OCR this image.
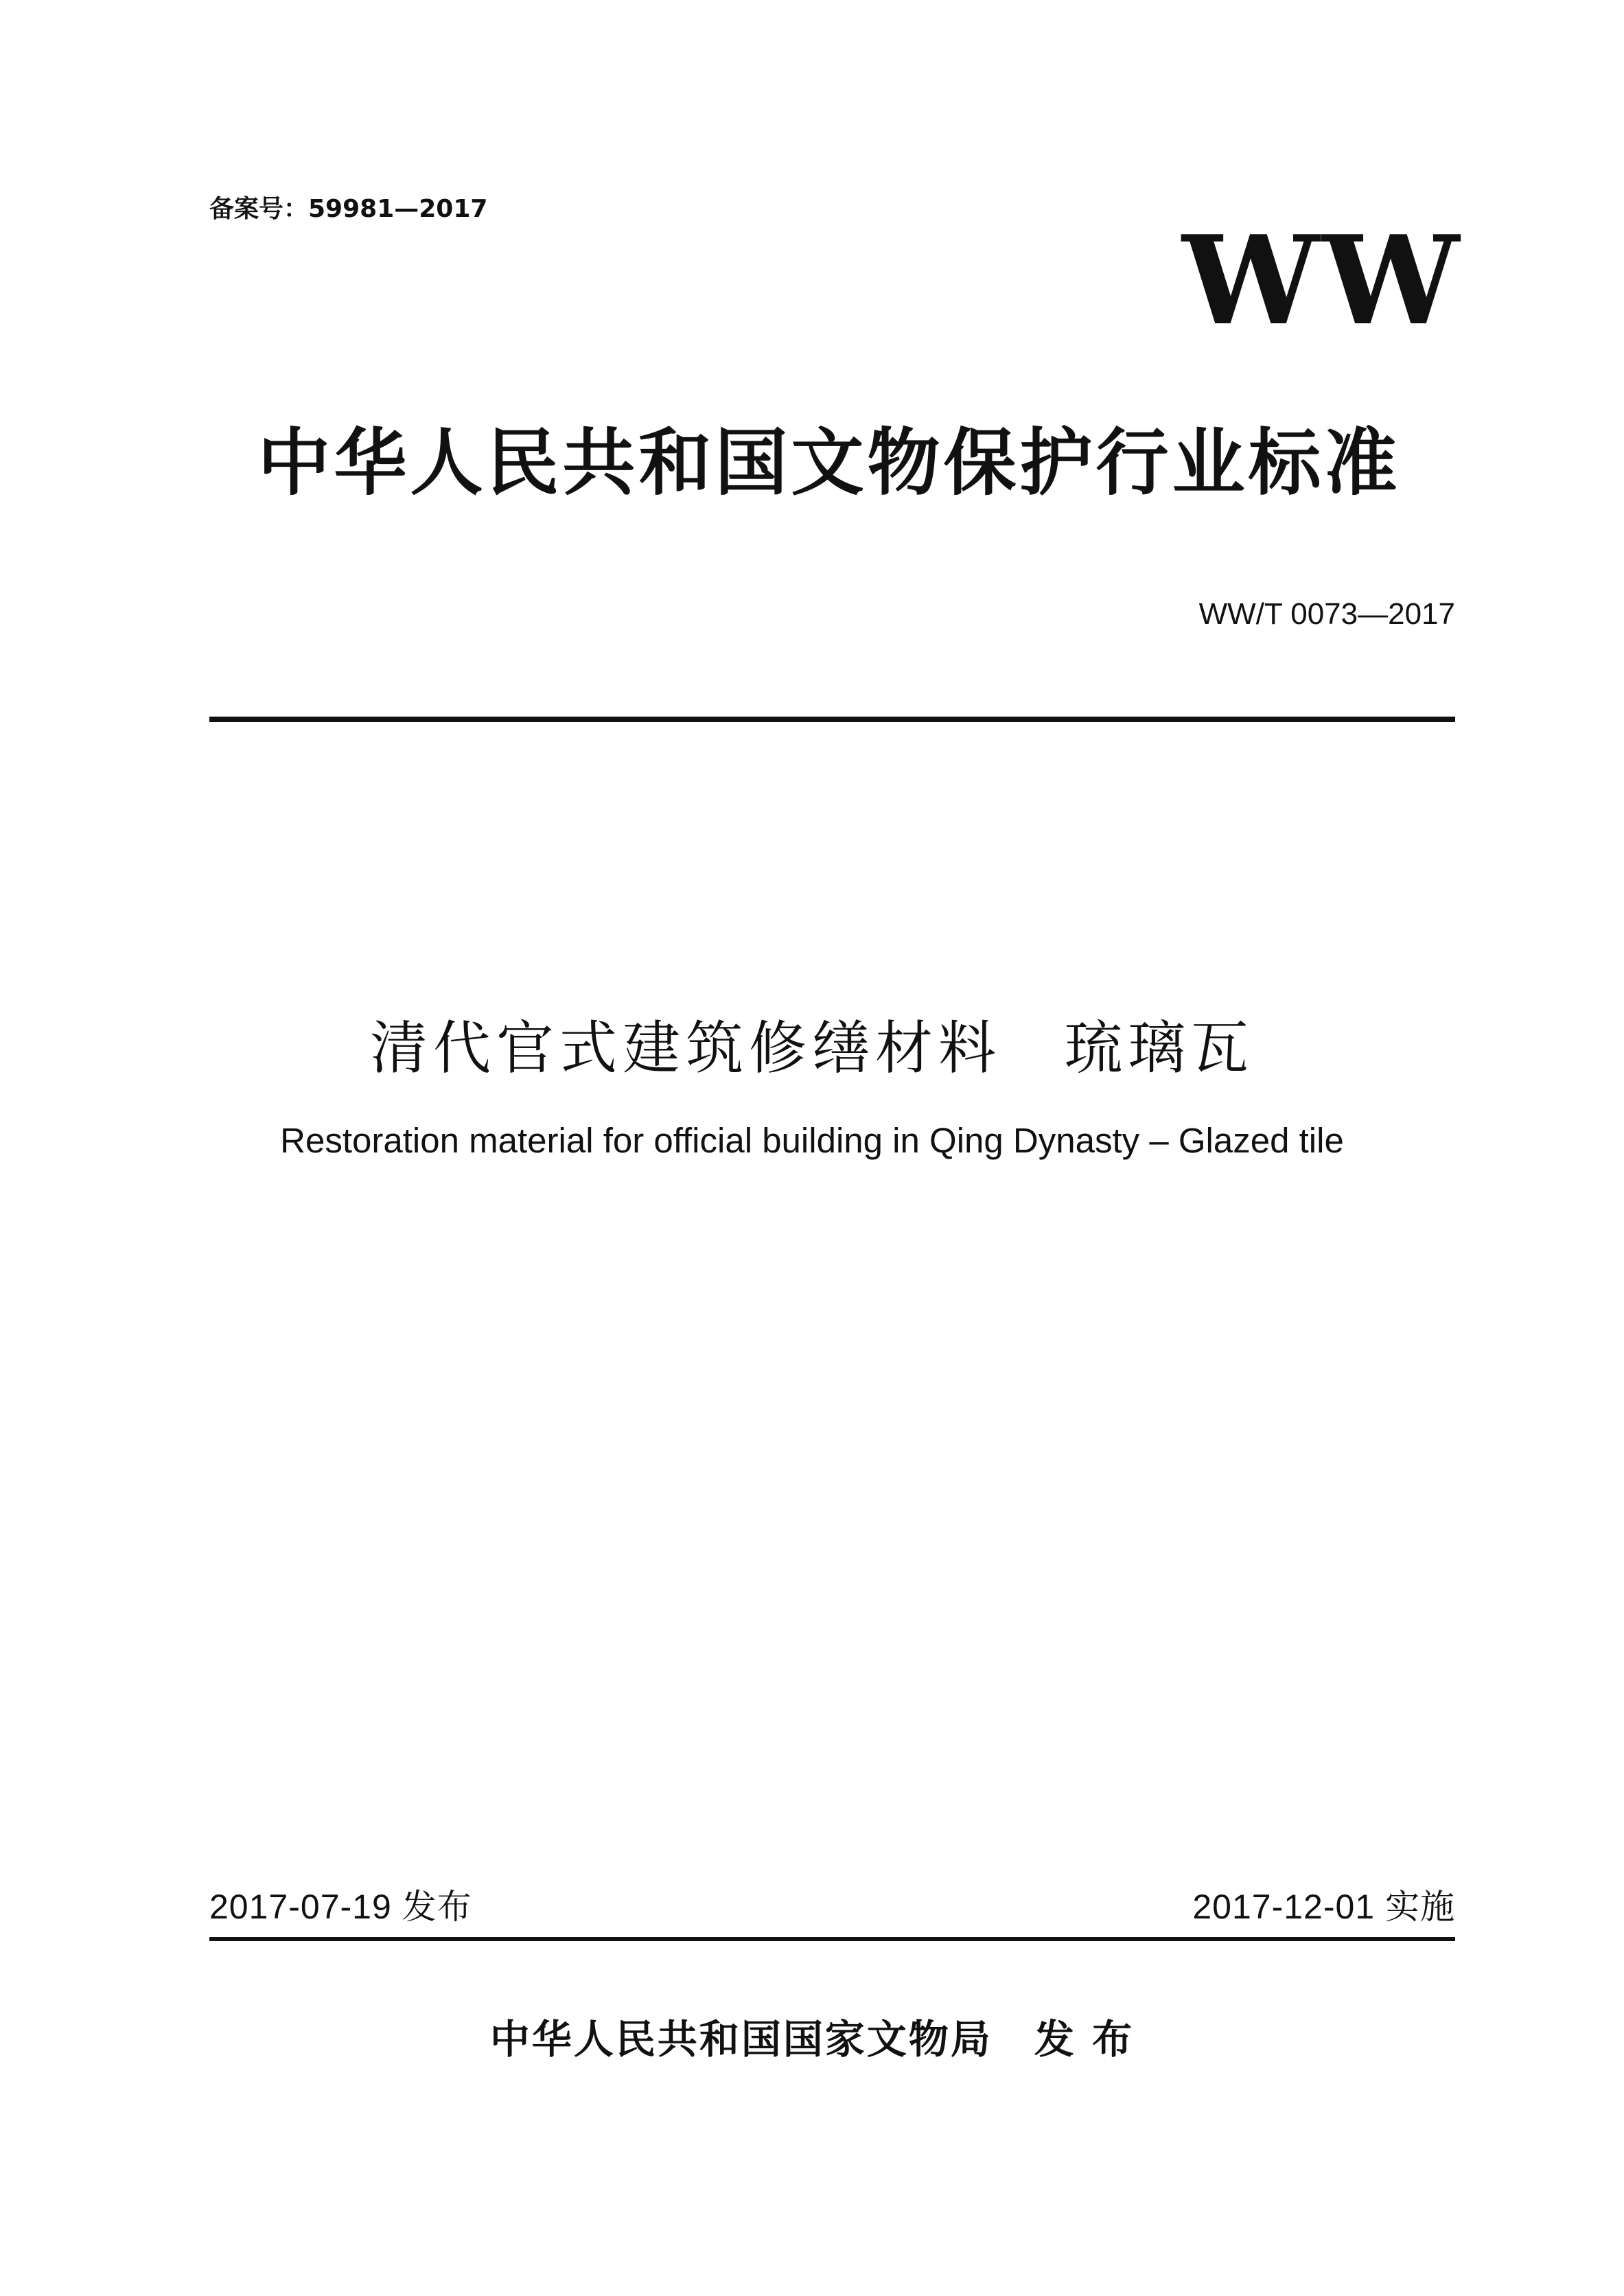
备案号：59981—2017	WW
中华人民共和国文物保护行业标准
WW/T 0073—2017
清代官式建筑修缮材料　琉璃瓦
Restoration material for official building in Qing Dynasty – Glazed tile
2017-07-19 发布	2017-12-01 实施
中华人民共和国国家文物局　发 布
